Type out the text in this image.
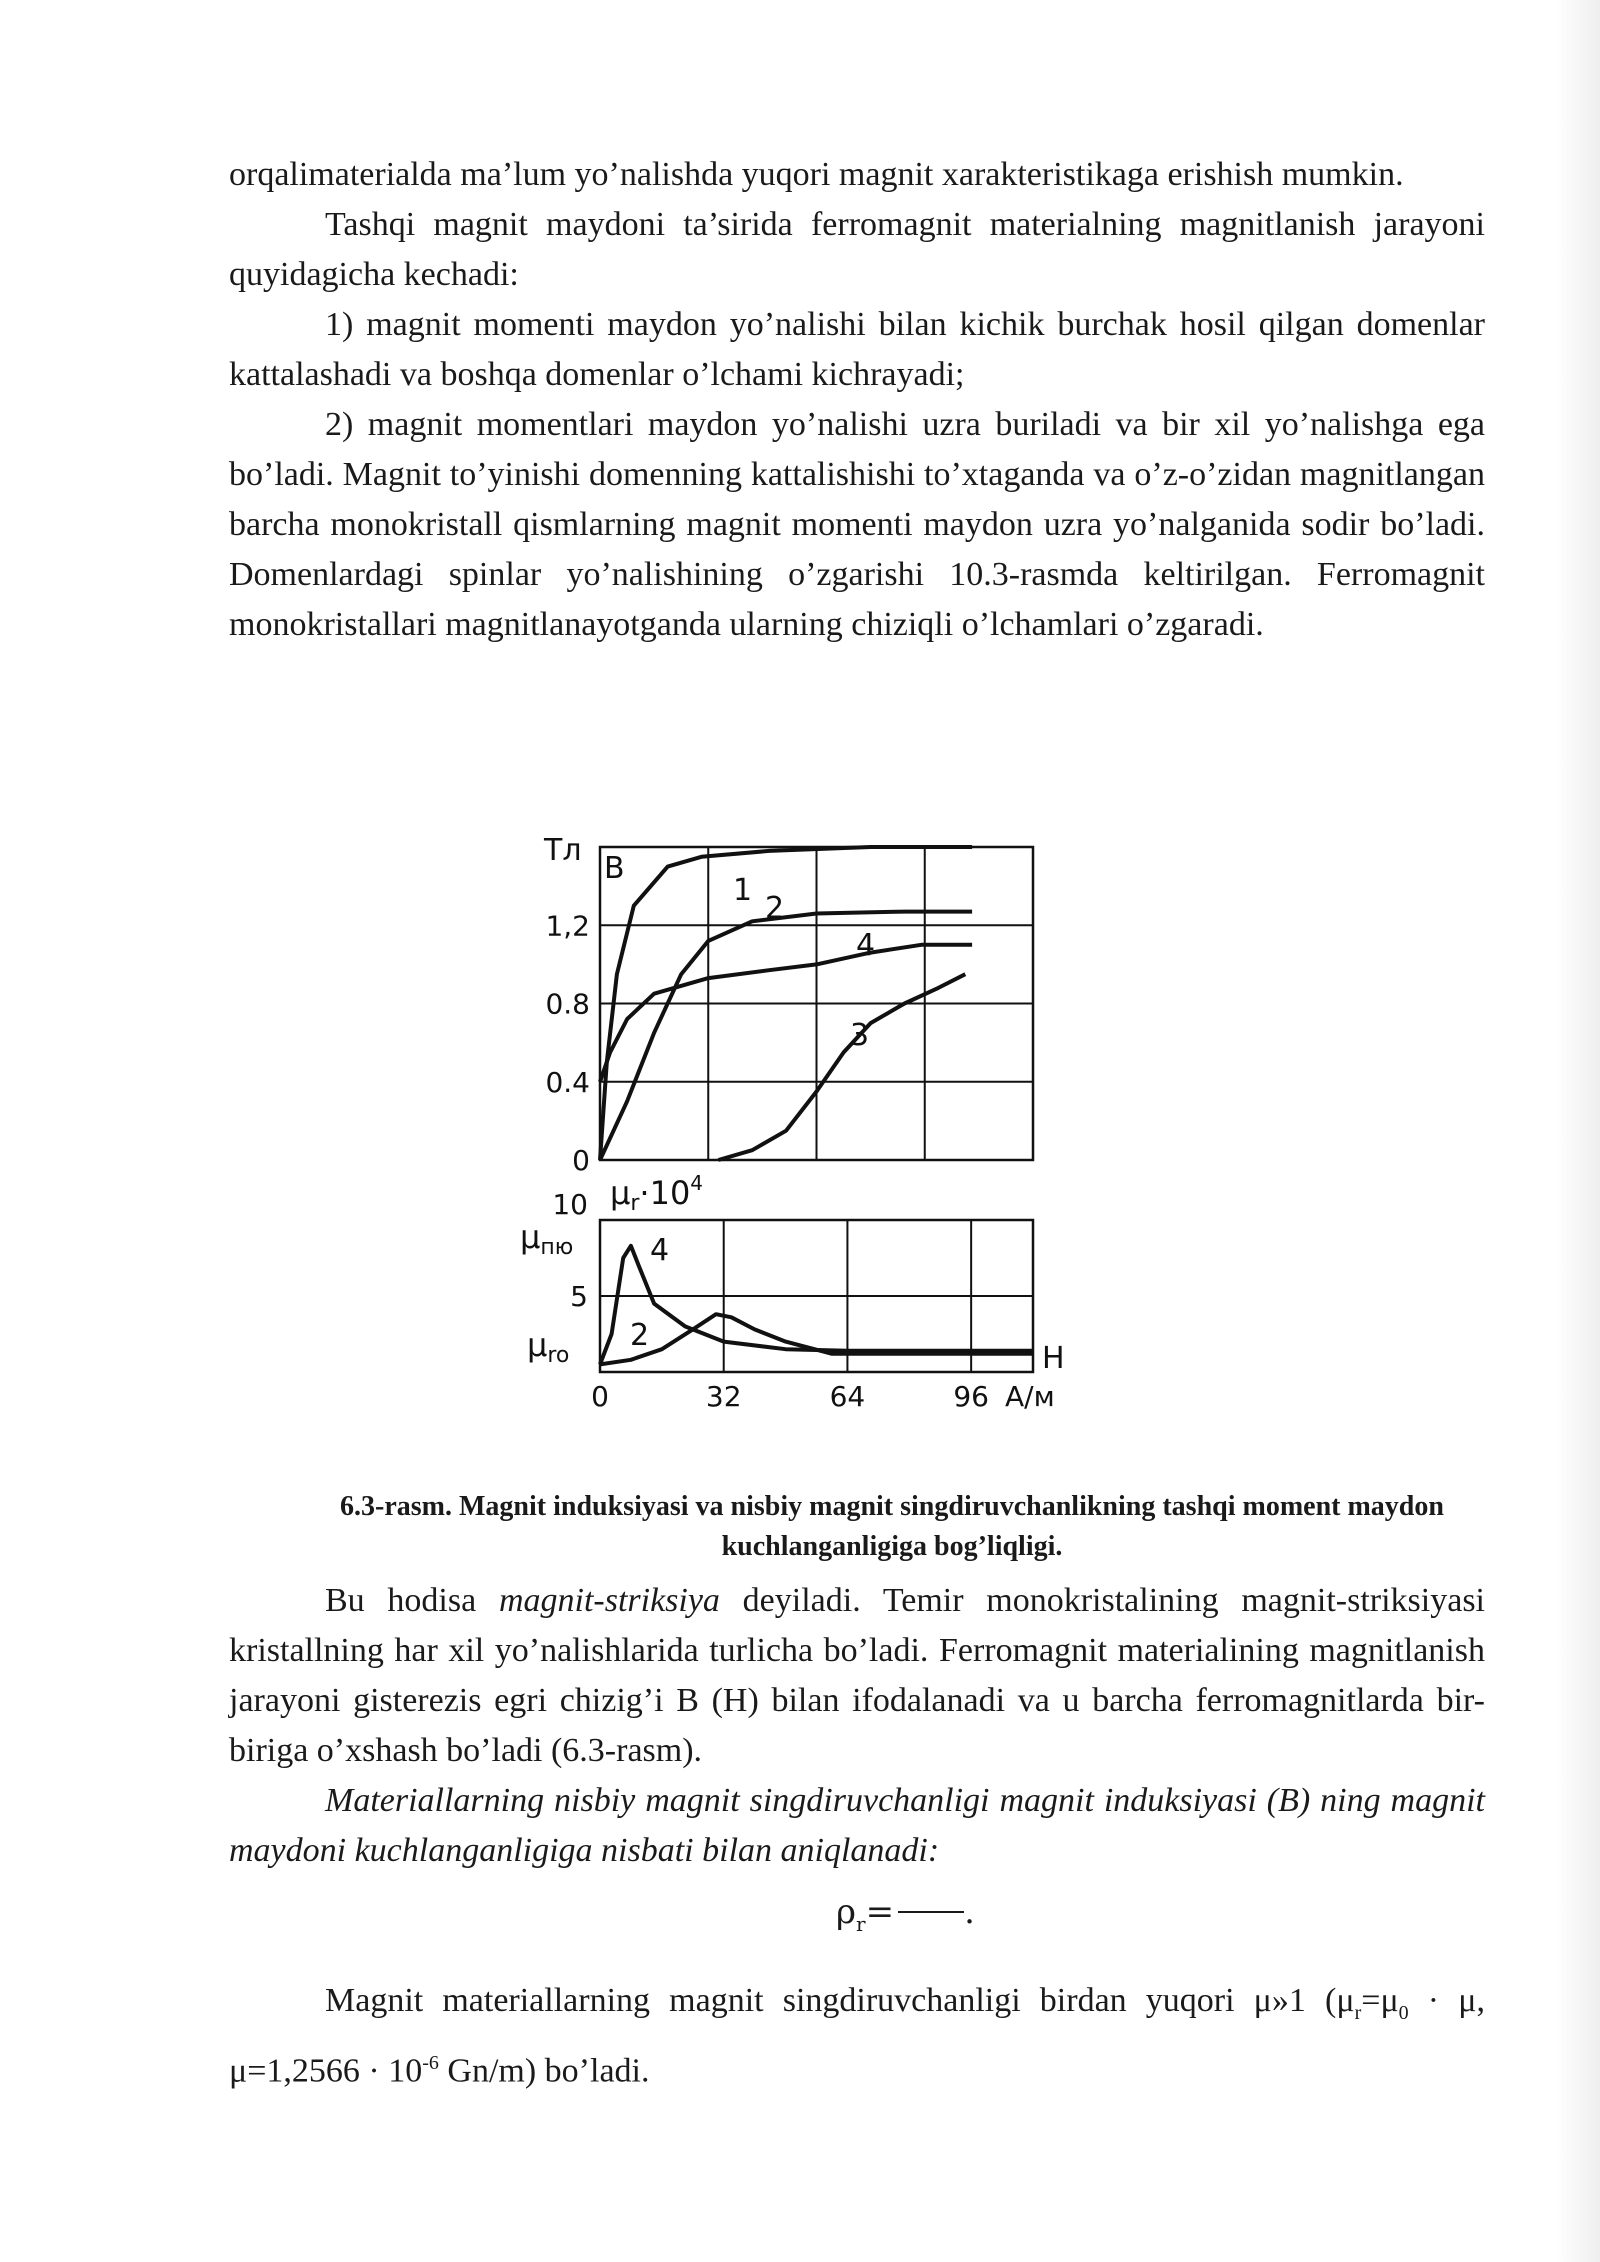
orqalimaterialda ma’lum yo’nalishda yuqori magnit xarakteristikaga erishish mumkin.

Tashqi magnit maydoni ta’sirida ferromagnit materialning magnitlanish jarayoni quyidagicha kechadi:

1) magnit momenti maydon yo’nalishi bilan kichik burchak hosil qilgan domenlar kattalashadi va boshqa domenlar o’lchami kichrayadi;

2) magnit momentlari maydon yo’nalishi uzra buriladi va bir xil yo’nalishga ega bo’ladi. Magnit to’yinishi domenning kattalishishi to’xtaganda va o’z-o’zidan magnitlangan barcha monokristall qismlarning magnit momenti maydon uzra yo’nalganida sodir bo’ladi. Domenlardagi spinlar yo’nalishining o’zgarishi 10.3-rasmda keltirilgan. Ferromagnit monokristallari magnitlanayotganda ularning chiziqli o’lchamlari o’zgaradi.

0
0.4
0.8
1,2
0	32	64	96
5
10
Тл
B
1
2
4
3
$\mu r\cdot 10^4$
μпю
μro
4
2
H
А/м
6.3-rasm. Magnit induksiyasi va nisbiy magnit singdiruvchanlikning tashqi moment maydon kuchlanganligiga bog’liqligi.

Bu hodisa magnit-striksiya deyiladi. Temir monokristalining magnit-striksiyasi kristallning har xil yo’nalishlarida turlicha bo’ladi. Ferromagnit materialining magnitlanish jarayoni gisterezis egri chizig’i B (H) bilan ifodalanadi va u barcha ferromagnitlarda bir-biriga o’xshash bo’ladi (6.3-rasm).

Materiallarning nisbiy magnit singdiruvchanligi magnit induksiyasi (B) ning magnit maydoni kuchlanganligiga nisbati bilan aniqlanadi:

Magnit materiallarning magnit singdiruvchanligi birdan yuqori μ»1 ($\mu_r=\mu_0 \cdot \mu$, $\mu=1,2566 \cdot 10^{-6}$ Gn/m) bo’ladi.

$\rho_r=$ .
